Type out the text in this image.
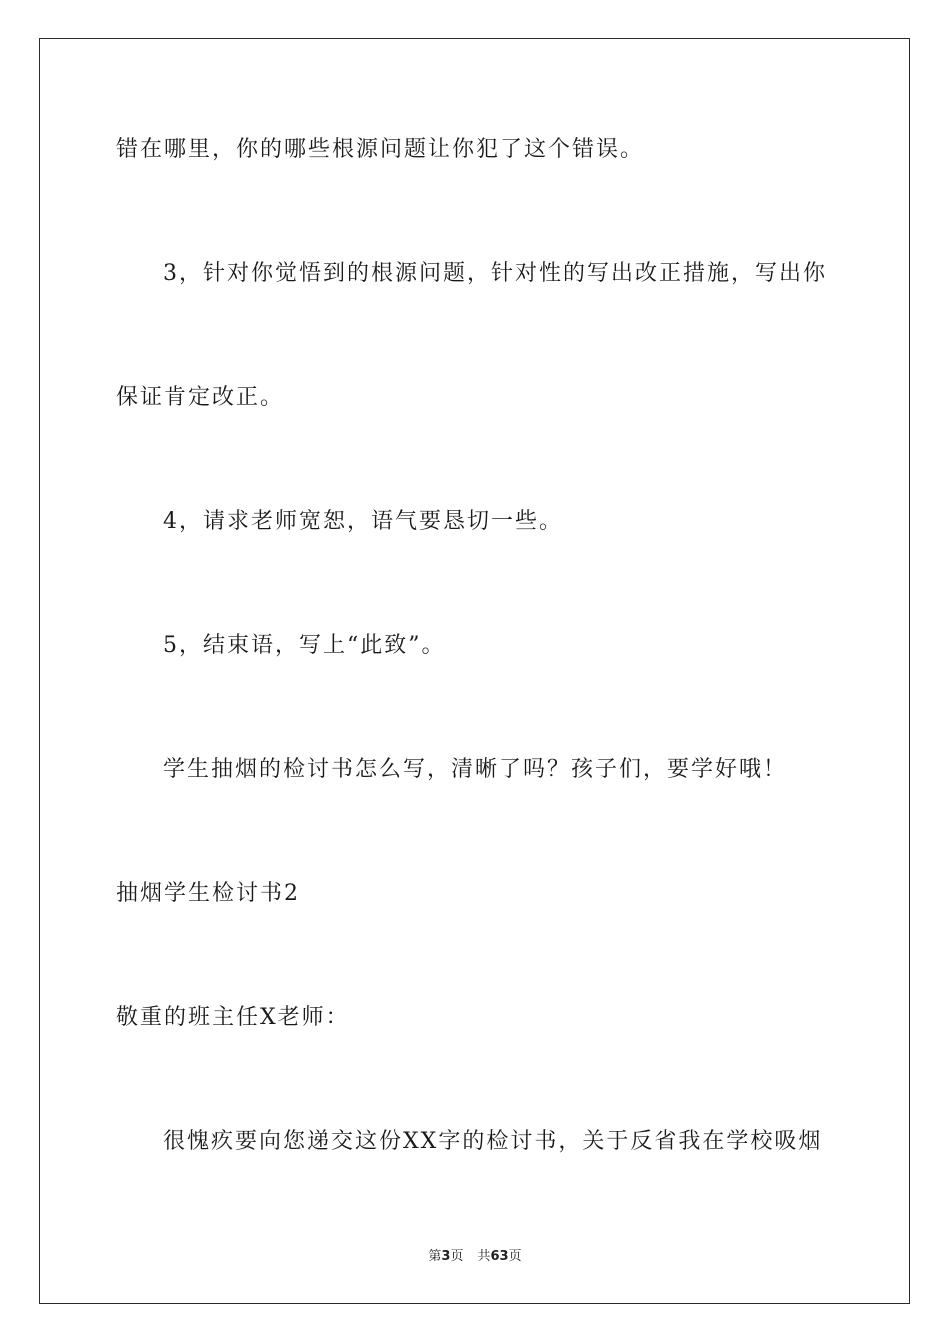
错在哪里，你的哪些根源问题让你犯了这个错误。

3，针对你觉悟到的根源问题，针对性的写出改正措施，写出你

保证肯定改正。

4，请求老师宽恕，语气要恳切一些。

5，结束语，写上“此致”。

学生抽烟的检讨书怎么写，清晰了吗？孩子们，要学好哦！

抽烟学生检讨书2

敬重的班主任X老师：

很愧疚要向您递交这份XX字的检讨书，关于反省我在学校吸烟

第3页 共63页
